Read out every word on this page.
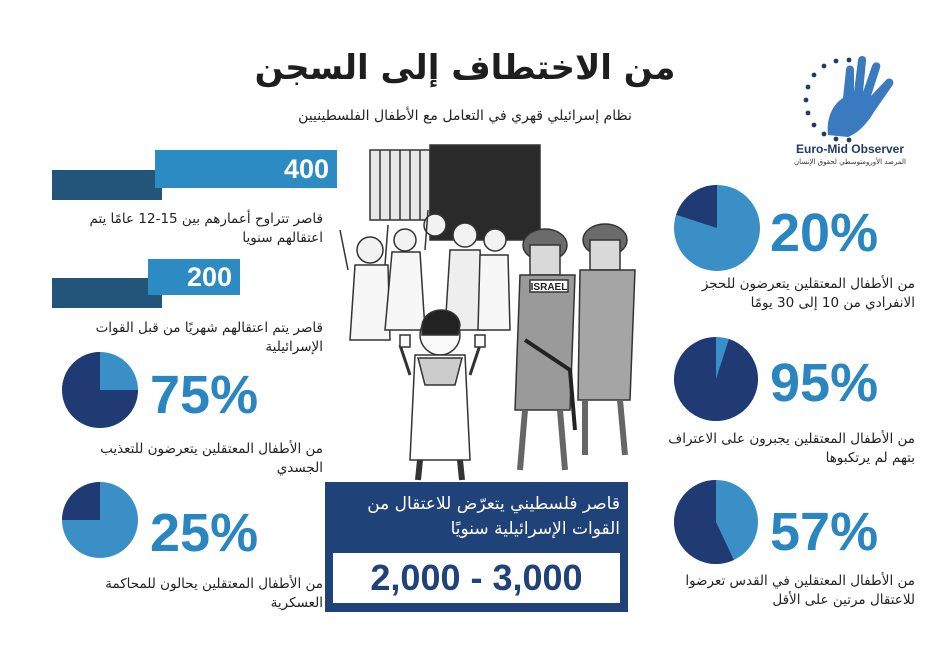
من الاختطاف إلى السجن
نظام إسرائيلي قهري في التعامل مع الأطفال الفلسطينيين
Euro-Mid Observer
المرصد الأورومتوسطي لحقوق الإنسان
400
قاصر تتراوح أعمارهم بين 15-12 عامًا يتم اعتقالهم سنويا
200
قاصر يتم اعتقالهم شهريًا من قبل القوات الإسرائيلية
75%
من الأطفال المعتقلين يتعرضون للتعذيب الجسدي
25%
من الأطفال المعتقلين يحالون للمحاكمة العسكرية
20%
من الأطفال المعتقلين يتعرضون للحجز الانفرادي من 10 إلى 30 يومًا
95%
من الأطفال المعتقلين يجبرون على الاعتراف بتهم لم يرتكبوها
57%
من الأطفال المعتقلين في القدس تعرضوا للاعتقال مرتين على الأقل
ISRAEL
قاصر فلسطيني يتعرّض للاعتقال من القوات الإسرائيلية سنويًا
2,000 - 3,000
